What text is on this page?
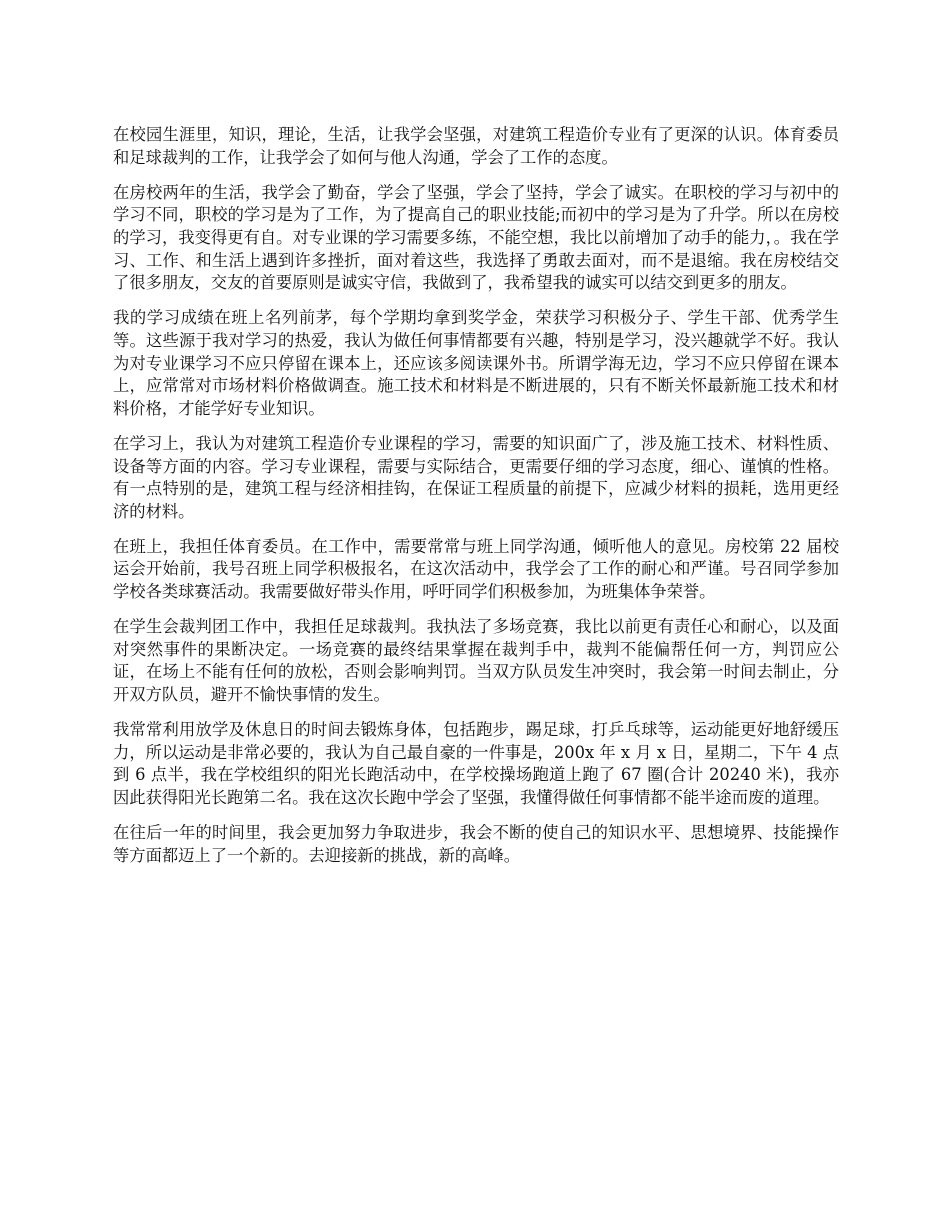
在校园生涯里，知识，理论，生活，让我学会坚强，对建筑工程造价专业有了更深的认识。体育委员和足球裁判的工作，让我学会了如何与他人沟通，学会了工作的态度。

在房校两年的生活，我学会了勤奋，学会了坚强，学会了坚持，学会了诚实。在职校的学习与初中的学习不同，职校的学习是为了工作，为了提高自己的职业技能;而初中的学习是为了升学。所以在房校的学习，我变得更有自。对专业课的学习需要多练，不能空想，我比以前增加了动手的能力，。我在学习、工作、和生活上遇到许多挫折，面对着这些，我选择了勇敢去面对，而不是退缩。我在房校结交了很多朋友，交友的首要原则是诚实守信，我做到了，我希望我的诚实可以结交到更多的朋友。

我的学习成绩在班上名列前茅，每个学期均拿到奖学金，荣获学习积极分子、学生干部、优秀学生等。这些源于我对学习的热爱，我认为做任何事情都要有兴趣，特别是学习，没兴趣就学不好。我认为对专业课学习不应只停留在课本上，还应该多阅读课外书。所谓学海无边，学习不应只停留在课本上，应常常对市场材料价格做调查。施工技术和材料是不断进展的，只有不断关怀最新施工技术和材料价格，才能学好专业知识。

在学习上，我认为对建筑工程造价专业课程的学习，需要的知识面广了，涉及施工技术、材料性质、设备等方面的内容。学习专业课程，需要与实际结合，更需要仔细的学习态度，细心、谨慎的性格。有一点特别的是，建筑工程与经济相挂钩，在保证工程质量的前提下，应减少材料的损耗，选用更经济的材料。

在班上，我担任体育委员。在工作中，需要常常与班上同学沟通，倾听他人的意见。房校第 22 届校运会开始前，我号召班上同学积极报名，在这次活动中，我学会了工作的耐心和严谨。号召同学参加学校各类球赛活动。我需要做好带头作用，呼吁同学们积极参加，为班集体争荣誉。

在学生会裁判团工作中，我担任足球裁判。我执法了多场竞赛，我比以前更有责任心和耐心，以及面对突然事件的果断决定。一场竞赛的最终结果掌握在裁判手中，裁判不能偏帮任何一方，判罚应公证，在场上不能有任何的放松，否则会影响判罚。当双方队员发生冲突时，我会第一时间去制止，分开双方队员，避开不愉快事情的发生。

我常常利用放学及休息日的时间去锻炼身体，包括跑步，踢足球，打乒乓球等，运动能更好地舒缓压力，所以运动是非常必要的，我认为自己最自豪的一件事是，200x 年 x 月 x 日，星期二，下午 4 点到 6 点半，我在学校组织的阳光长跑活动中，在学校操场跑道上跑了 67 圈(合计 20240 米)，我亦因此获得阳光长跑第二名。我在这次长跑中学会了坚强，我懂得做任何事情都不能半途而废的道理。

在往后一年的时间里，我会更加努力争取进步，我会不断的使自己的知识水平、思想境界、技能操作等方面都迈上了一个新的。去迎接新的挑战，新的高峰。
